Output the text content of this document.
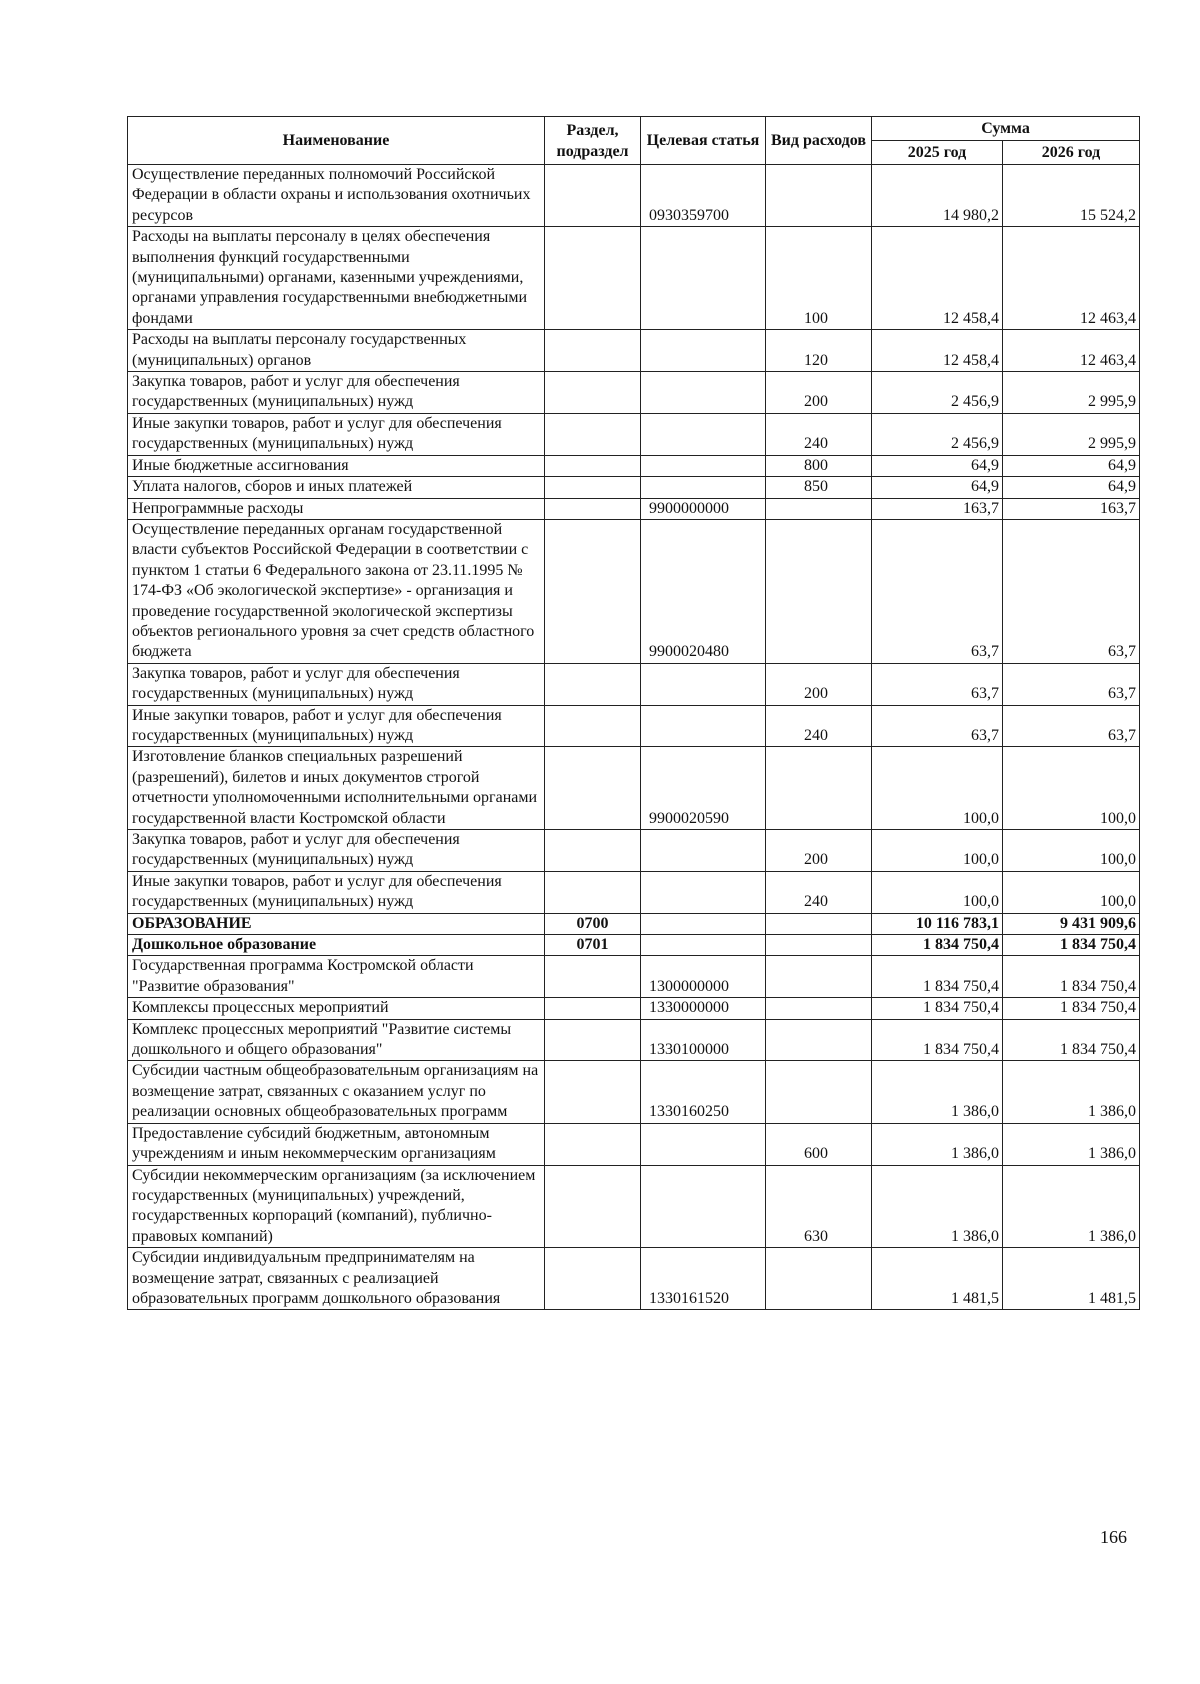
Наименование	Раздел, подраздел	Целевая статья	Вид расходов	Сумма	
				2025 год	2026 год
Осуществление переданных полномочий Российской Федерации в области охраны и использования охотничьих ресурсов		0930359700		14 980,2	15 524,2
Расходы на выплаты персоналу в целях обеспечения выполнения функций государственными (муниципальными) органами, казенными учреждениями, органами управления государственными внебюджетными фондами			100	12 458,4	12 463,4
Расходы на выплаты персоналу государственных (муниципальных) органов			120	12 458,4	12 463,4
Закупка товаров, работ и услуг для обеспечения государственных (муниципальных) нужд			200	2 456,9	2 995,9
Иные закупки товаров, работ и услуг для обеспечения государственных (муниципальных) нужд			240	2 456,9	2 995,9
Иные бюджетные ассигнования			800	64,9	64,9
Уплата налогов, сборов и иных платежей			850	64,9	64,9
Непрограммные расходы		9900000000		163,7	163,7
Осуществление переданных органам государственной власти субъектов Российской Федерации в соответствии с пунктом 1 статьи 6 Федерального закона от 23.11.1995 № 174-ФЗ «Об экологической экспертизе» - организация и проведение государственной экологической экспертизы объектов регионального уровня за счет средств областного бюджета		9900020480		63,7	63,7
Закупка товаров, работ и услуг для обеспечения государственных (муниципальных) нужд			200	63,7	63,7
Иные закупки товаров, работ и услуг для обеспечения государственных (муниципальных) нужд			240	63,7	63,7
Изготовление бланков специальных разрешений (разрешений), билетов и иных документов строгой отчетности уполномоченными исполнительными органами государственной власти Костромской области		9900020590		100,0	100,0
Закупка товаров, работ и услуг для обеспечения государственных (муниципальных) нужд			200	100,0	100,0
Иные закупки товаров, работ и услуг для обеспечения государственных (муниципальных) нужд			240	100,0	100,0
ОБРАЗОВАНИЕ	0700			10 116 783,1	9 431 909,6
Дошкольное образование	0701			1 834 750,4	1 834 750,4
Государственная программа Костромской области "Развитие образования"		1300000000		1 834 750,4	1 834 750,4
Комплексы процессных мероприятий		1330000000		1 834 750,4	1 834 750,4
Комплекс процессных мероприятий "Развитие системы дошкольного и общего образования"		1330100000		1 834 750,4	1 834 750,4
Субсидии частным общеобразовательным организациям на возмещение затрат, связанных с оказанием услуг по реализации основных общеобразовательных программ		1330160250		1 386,0	1 386,0
Предоставление субсидий бюджетным, автономным учреждениям и иным некоммерческим организациям			600	1 386,0	1 386,0
Субсидии некоммерческим организациям (за исключением государственных (муниципальных) учреждений, государственных корпораций (компаний), публично-правовых компаний)			630	1 386,0	1 386,0
Субсидии индивидуальным предпринимателям на возмещение затрат, связанных с реализацией образовательных программ дошкольного образования		1330161520		1 481,5	1 481,5
166
